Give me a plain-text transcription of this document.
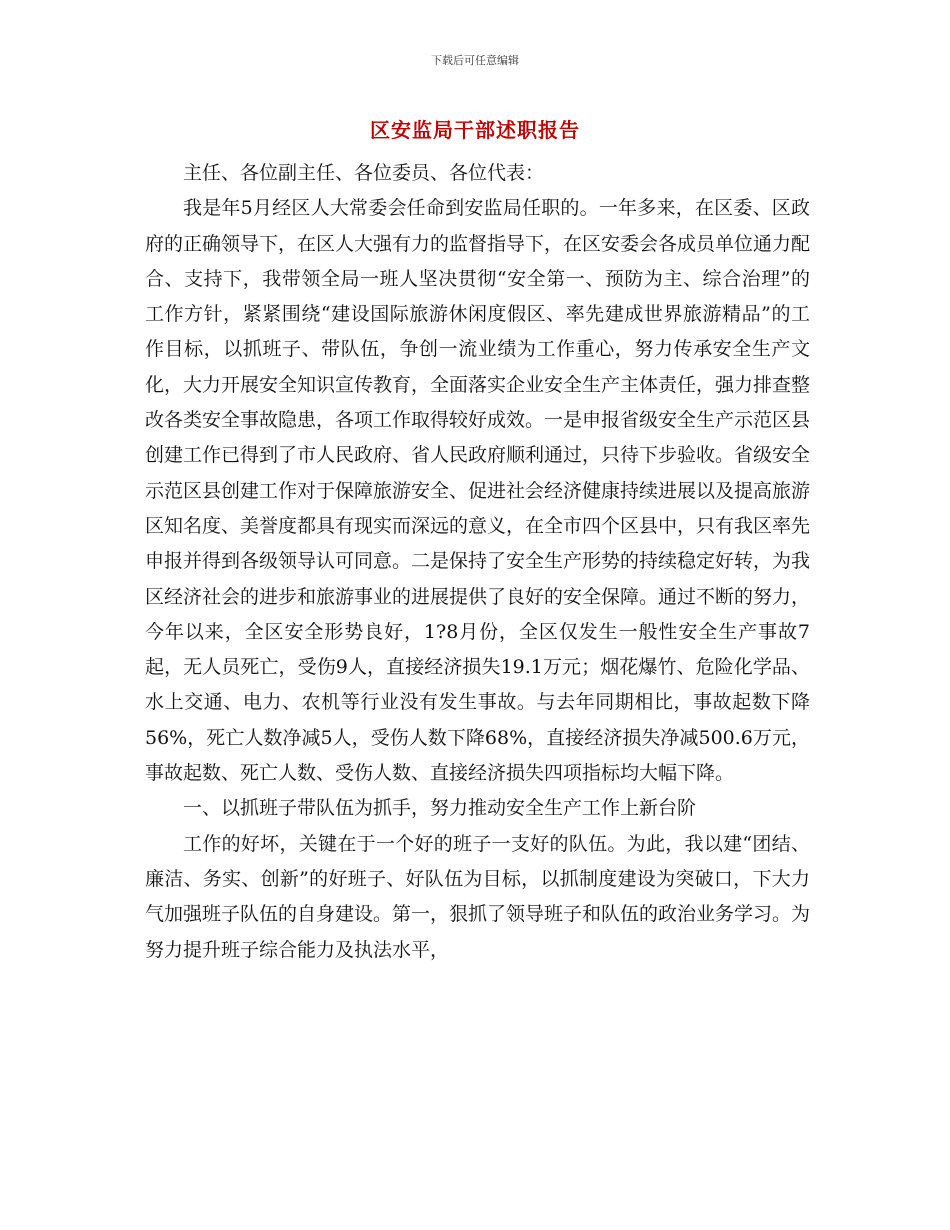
下载后可任意编辑
区安监局干部述职报告

主任、各位副主任、各位委员、各位代表：

我是年5月经区人大常委会任命到安监局任职的。一年多来，在区委、区政府的正确领导下，在区人大强有力的监督指导下，在区安委会各成员单位通力配合、支持下，我带领全局一班人坚决贯彻“安全第一、预防为主、综合治理”的工作方针，紧紧围绕“建设国际旅游休闲度假区、率先建成世界旅游精品”的工作目标，以抓班子、带队伍，争创一流业绩为工作重心，努力传承安全生产文化，大力开展安全知识宣传教育，全面落实企业安全生产主体责任，强力排查整改各类安全事故隐患，各项工作取得较好成效。一是申报省级安全生产示范区县创建工作已得到了市人民政府、省人民政府顺利通过，只待下步验收。省级安全示范区县创建工作对于保障旅游安全、促进社会经济健康持续进展以及提高旅游区知名度、美誉度都具有现实而深远的意义，在全市四个区县中，只有我区率先申报并得到各级领导认可同意。二是保持了安全生产形势的持续稳定好转，为我区经济社会的进步和旅游事业的进展提供了良好的安全保障。通过不断的努力，今年以来，全区安全形势良好，1?8月份，全区仅发生一般性安全生产事故7起，无人员死亡，受伤9人，直接经济损失19.1万元；烟花爆竹、危险化学品、水上交通、电力、农机等行业没有发生事故。与去年同期相比，事故起数下降56%，死亡人数净减5人，受伤人数下降68%，直接经济损失净减500.6万元，事故起数、死亡人数、受伤人数、直接经济损失四项指标均大幅下降。

一、以抓班子带队伍为抓手，努力推动安全生产工作上新台阶

工作的好坏，关键在于一个好的班子一支好的队伍。为此，我以建“团结、廉洁、务实、创新”的好班子、好队伍为目标，以抓制度建设为突破口，下大力气加强班子队伍的自身建设。第一，狠抓了领导班子和队伍的政治业务学习。为努力提升班子综合能力及执法水平，
